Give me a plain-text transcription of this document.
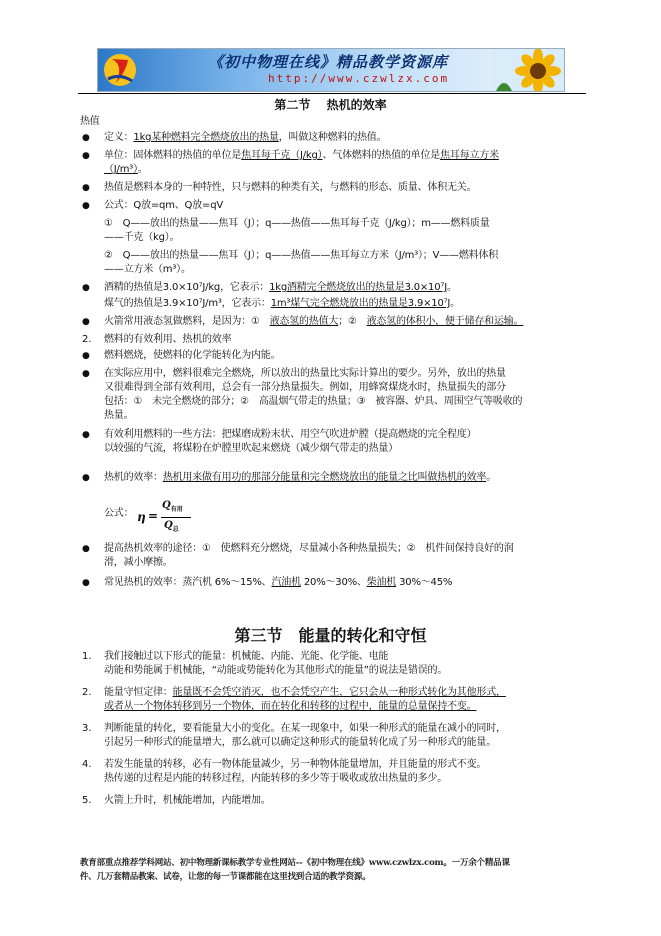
《初中物理在线》精品教学资源库
http://www.czwlzx.com
第二节　 热机的效率
热值
● 定义：1kg某种燃料完全燃烧放出的热量，叫做这种燃料的热值。
● 单位：固体燃料的热值的单位是焦耳每千克（J/kg）、气体燃料的热值的单位是焦耳每立方米
（J/m³）。
● 热值是燃料本身的一种特性，只与燃料的种类有关，与燃料的形态、质量、体积无关。
● 公式：Q放=qm、Q放=qV
①　Q——放出的热量——焦耳（J）；q——热值——焦耳每千克（J/kg）；m——燃料质量
——千克（kg）。
②　Q——放出的热量——焦耳（J）；q——热值——焦耳每立方米（J/m³）；V——燃料体积
——立方米（m³）。
● 酒精的热值是3.0×10⁷J/kg，它表示：1kg酒精完全燃烧放出的热量是3.0×10⁷J。
煤气的热值是3.9×10⁷J/m³，它表示：1m³煤气完全燃烧放出的热量是3.9×10⁷J。
● 火箭常用液态氢做燃料，是因为：①　液态氢的热值大；②　液态氢的体积小，便于储存和运输。
2. 燃料的有效利用、热机的效率
● 燃料燃烧，使燃料的化学能转化为内能。
● 在实际应用中，燃料很难完全燃烧，所以放出的热量比实际计算出的要少。另外，放出的热量
又很难得到全部有效利用，总会有一部分热量损失。例如，用蜂窝煤烧水时，热量损失的部分
包括：①　未完全燃烧的部分；②　高温烟气带走的热量；③　被容器、炉具、周围空气等吸收的
热量。
● 有效利用燃料的一些方法：把煤磨成粉末状、用空气吹进炉膛（提高燃烧的完全程度）
以较强的气流，将煤粉在炉膛里吹起来燃烧（减少烟气带走的热量）
● 热机的效率：热机用来做有用功的那部分能量和完全燃烧放出的能量之比叫做热机的效率。
公式：
● 提高热机效率的途径：①　使燃料充分燃烧，尽量减小各种热量损失；②　机件间保持良好的润
滑，减小摩擦。
● 常见热机的效率：蒸汽机 6%～15%、汽油机 20%～30%、柴油机 30%～45%
η =
$Q_{有用}$
$Q_总$
第三节　能量的转化和守恒
1. 我们接触过以下形式的能量：机械能、内能、光能、化学能、电能
动能和势能属于机械能，“动能或势能转化为其他形式的能量”的说法是错误的。
2. 能量守恒定律：能量既不会凭空消灭，也不会凭空产生，它只会从一种形式转化为其他形式，
或者从一个物体转移到另一个物体，而在转化和转移的过程中，能量的总量保持不变。
3. 判断能量的转化，要看能量大小的变化。在某一现象中，如果一种形式的能量在减小的同时，
引起另一种形式的能量增大，那么就可以确定这种形式的能量转化成了另一种形式的能量。
4. 若发生能量的转移，必有一物体能量减少，另一种物体能量增加，并且能量的形式不变。
热传递的过程是内能的转移过程，内能转移的多少等于吸收或放出热量的多少。
5. 火箭上升时，机械能增加，内能增加。
教育部重点推荐学科网站、初中物理新课标教学专业性网站--《初中物理在线》www.czwlzx.com。一万余个精品课
件、几万套精品教案、试卷，让您的每一节课都能在这里找到合适的教学资源。
